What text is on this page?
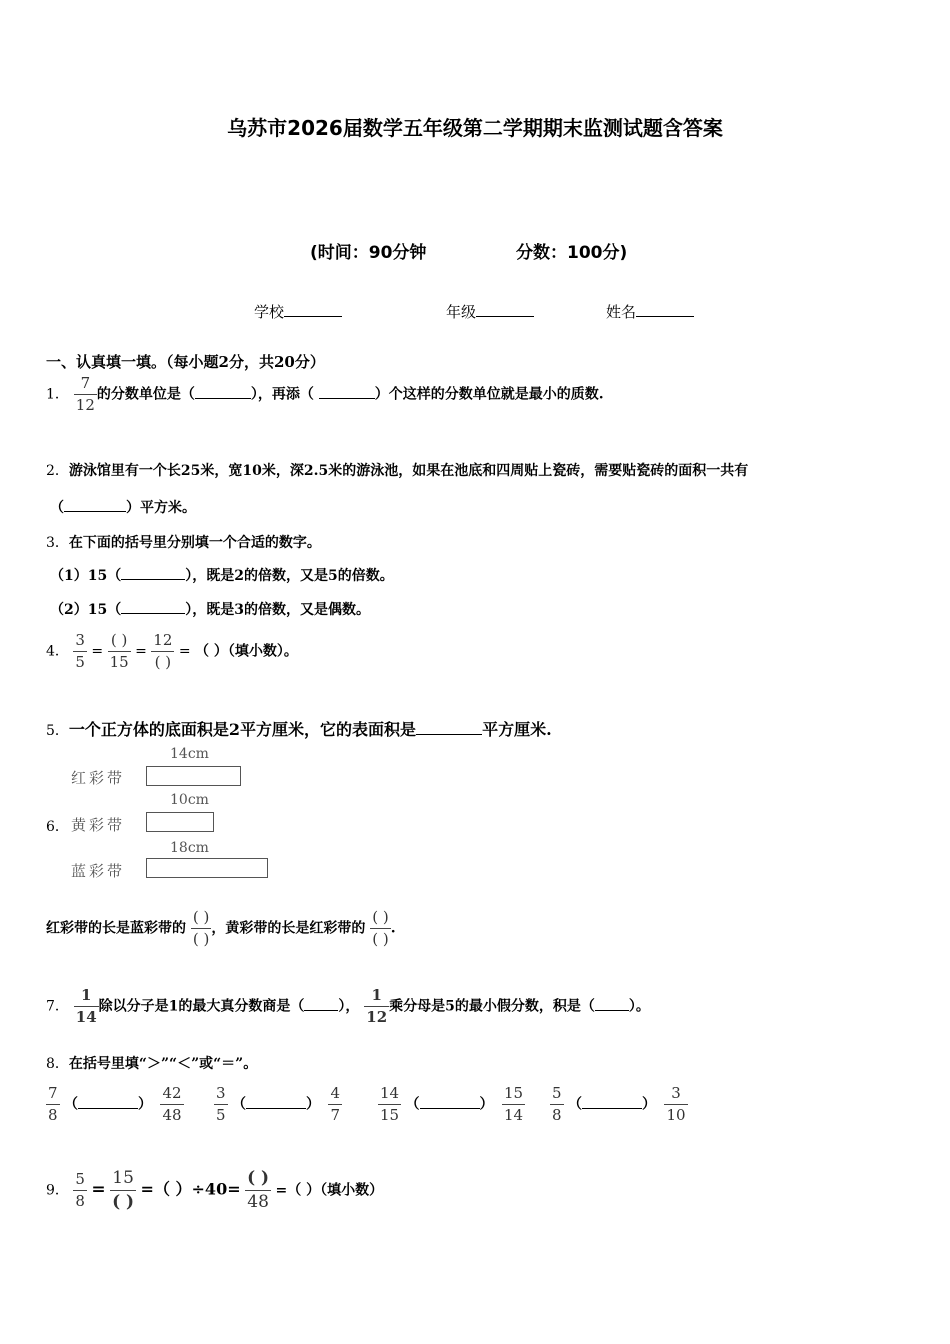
乌苏市2026届数学五年级第二学期期末监测试题含答案
(时间：90分钟	分数：100分)
学校	年级	姓名
一、认真填一填。（每小题2分，共20分）
1． $\frac{7}{12}$ 的分数单位是（	），再添（	）个这样的分数单位就是最小的质数.
2．游泳馆里有一个长25米，宽10米，深2.5米的游泳池，如果在池底和四周贴上瓷砖，需要贴瓷砖的面积一共有
（	）平方米。
3．在下面的括号里分别填一个合适的数字。
（1）15（	），既是2的倍数，又是5的倍数。
（2）15（	），既是3的倍数，又是偶数。
4． $\frac{3}{5} = \frac{( )}{15} = \frac{12}{( )}$ = （ ）（填小数）。
5．一个正方体的底面积是2平方厘米，它的表面积是	平方厘米.
14cm
红彩带
6．
10cm
黄彩带
18cm
蓝彩带
红彩带的长是蓝彩带的 $\frac{( )}{( )}$ ，黄彩带的长是红彩带的 $\frac{( )}{( )}$ .
7． $\frac{1}{14}$ 除以分子是1的最大真分数商是（ ）， $\frac{1}{12}$ 乘分母是5的最小假分数，积是（ ）。
8．在括号里填“＞”“＜”或“＝”。
$\frac{7}{8}$ （	） $\frac{42}{48} \frac{3}{5}$ （	） $\frac{4}{7} \frac{14}{15}$ （	） $\frac{15}{14} \frac{5}{8}$ （	） $\frac{3}{10}$
9． $\frac{5}{8} = \frac{15}{( )}$ =（ ）$\div 40= \frac{( )}{48}$ =（ ）（填小数）
